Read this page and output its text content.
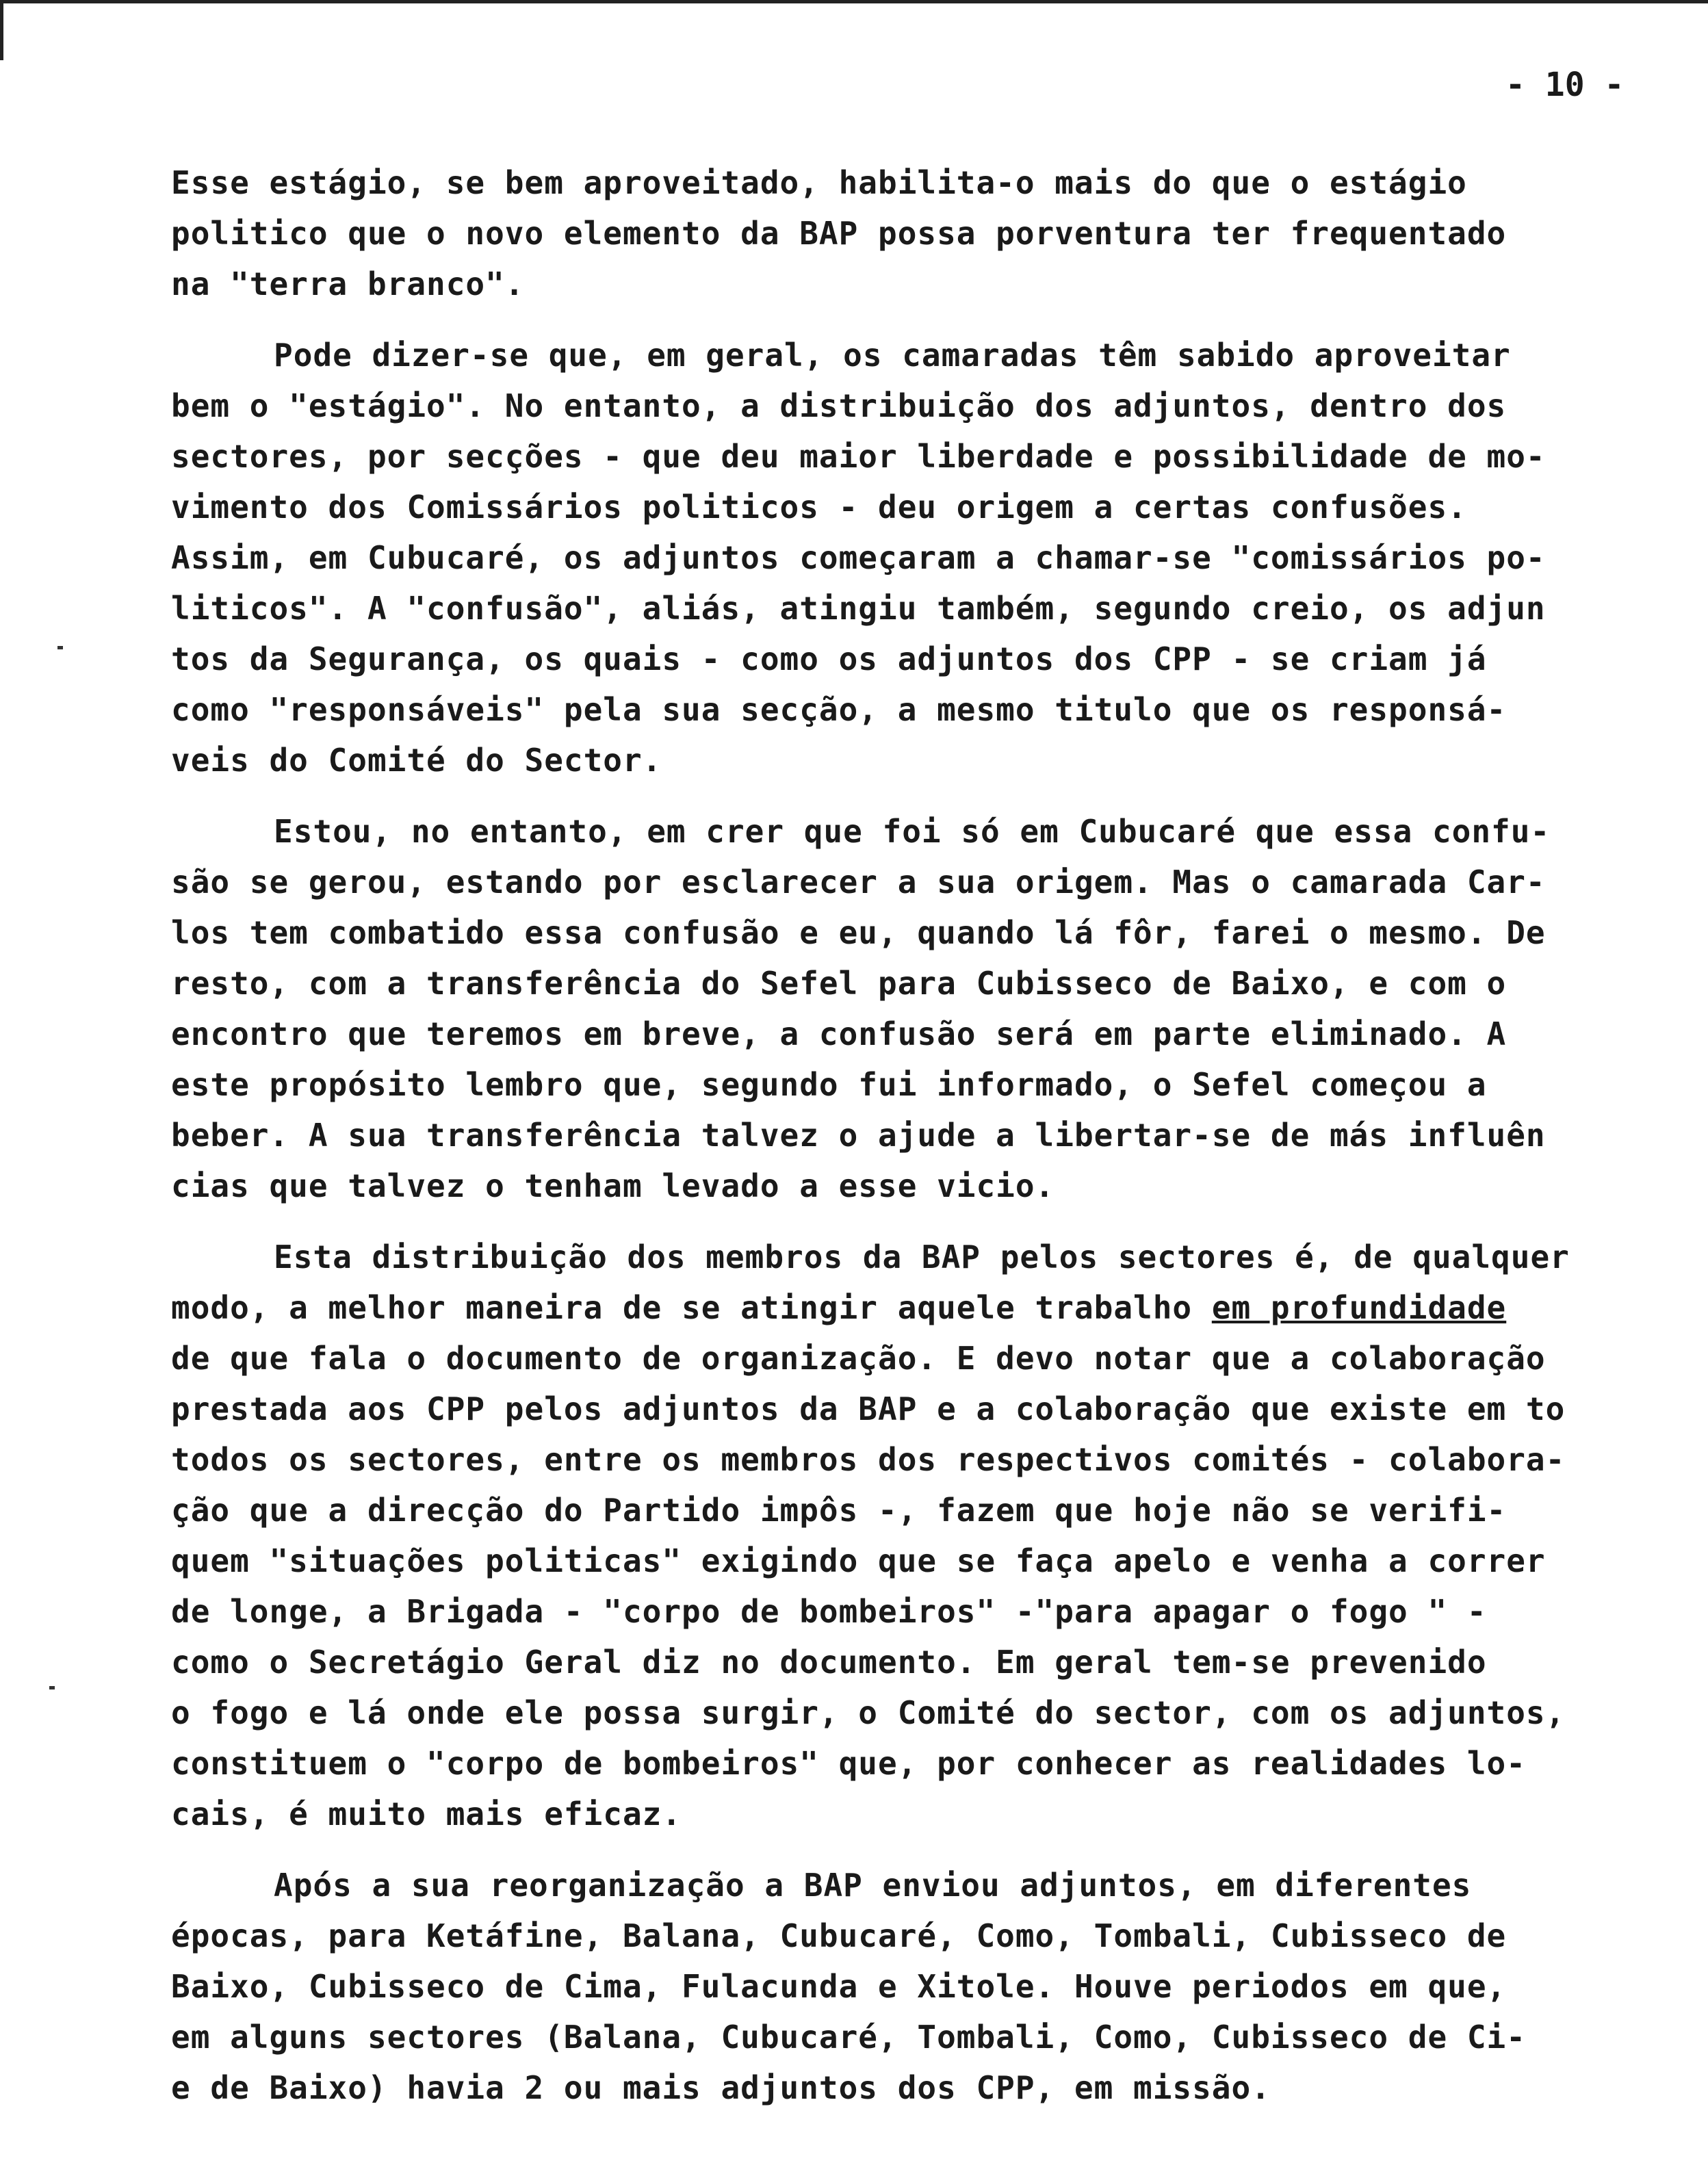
- 10 -
Esse estágio, se bem aproveitado, habilita-o mais do que o estágio
politico que o novo elemento da BAP possa porventura ter frequentado
na "terra branco".
Pode dizer-se que, em geral, os camaradas têm sabido aproveitar
bem o "estágio". No entanto, a distribuição dos adjuntos, dentro dos
sectores, por secções - que deu maior liberdade e possibilidade de mo-
vimento dos Comissários politicos - deu origem a certas confusões.
Assim, em Cubucaré, os adjuntos começaram a chamar-se "comissários po-
liticos". A "confusão", aliás, atingiu também, segundo creio, os adjun
tos da Segurança, os quais - como os adjuntos dos CPP - se criam já
como "responsáveis" pela sua secção, a mesmo titulo que os responsá-
veis do Comité do Sector.
Estou, no entanto, em crer que foi só em Cubucaré que essa confu-
são se gerou, estando por esclarecer a sua origem. Mas o camarada Car-
los tem combatido essa confusão e eu, quando lá fôr, farei o mesmo. De
resto, com a transferência do Sefel para Cubisseco de Baixo, e com o
encontro que teremos em breve, a confusão será em parte eliminado. A
este propósito lembro que, segundo fui informado, o Sefel começou a
beber. A sua transferência talvez o ajude a libertar-se de más influên
cias que talvez o tenham levado a esse vicio.
Esta distribuição dos membros da BAP pelos sectores é, de qualquer
modo, a melhor maneira de se atingir aquele trabalho em profundidade
de que fala o documento de organização. E devo notar que a colaboração
prestada aos CPP pelos adjuntos da BAP e a colaboração que existe em to
todos os sectores, entre os membros dos respectivos comités - colabora-
ção que a direcção do Partido impôs -, fazem que hoje não se verifi-
quem "situações politicas" exigindo que se faça apelo e venha a correr
de longe, a Brigada - "corpo de bombeiros" -"para apagar o fogo " -
como o Secretágio Geral diz no documento. Em geral tem-se prevenido
o fogo e lá onde ele possa surgir, o Comité do sector, com os adjuntos,
constituem o "corpo de bombeiros" que, por conhecer as realidades lo-
cais, é muito mais eficaz.
Após a sua reorganização a BAP enviou adjuntos, em diferentes
épocas, para Ketáfine, Balana, Cubucaré, Como, Tombali, Cubisseco de
Baixo, Cubisseco de Cima, Fulacunda e Xitole. Houve periodos em que,
em alguns sectores (Balana, Cubucaré, Tombali, Como, Cubisseco de Ci-
e de Baixo) havia 2 ou mais adjuntos dos CPP, em missão.
